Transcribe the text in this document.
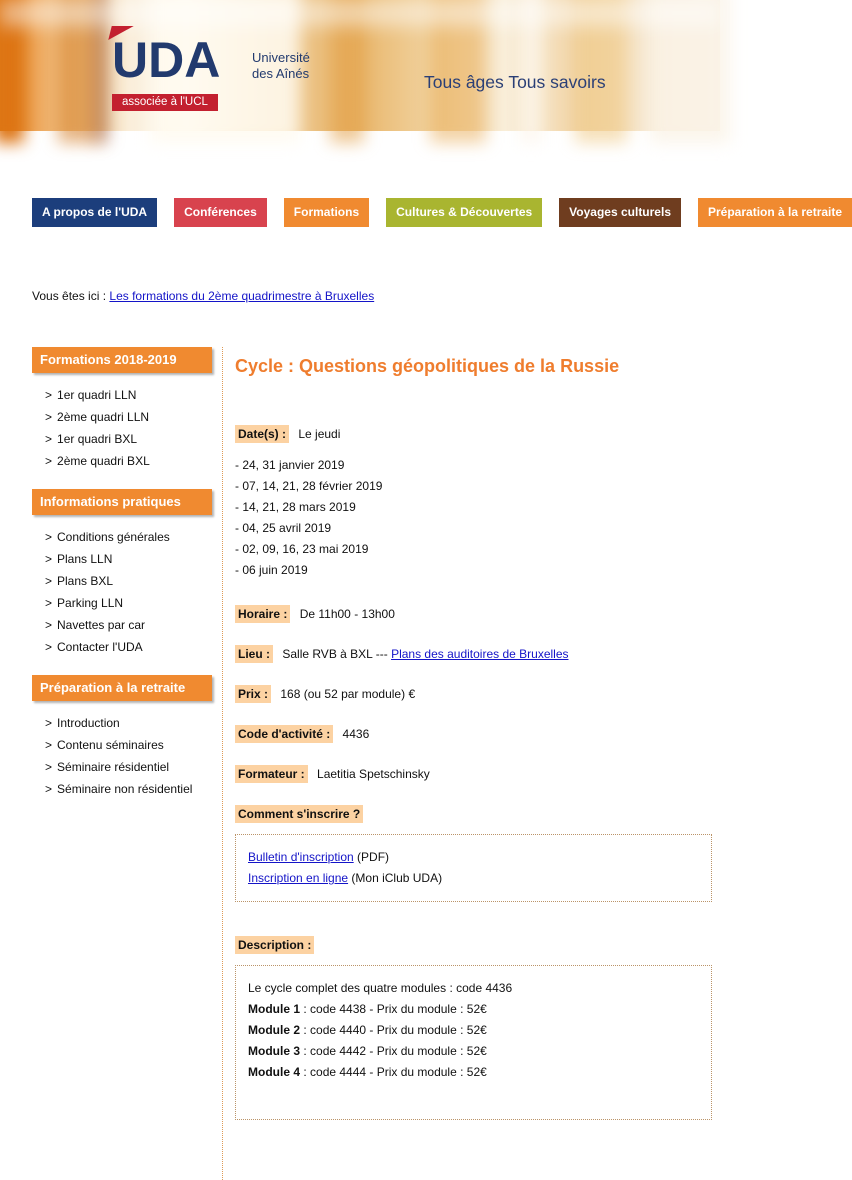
UDA	Université
des Aînés
associée à l'UCL
Tous âges Tous savoirs
A propos de l'UDA	Conférences	Formations	Cultures & Découvertes	Voyages culturels	Préparation à la retraite
Vous êtes ici : Les formations du 2ème quadrimestre à Bruxelles
Formations 2018-2019
> 1er quadri LLN
> 2ème quadri LLN
> 1er quadri BXL
> 2ème quadri BXL
Informations pratiques
> Conditions générales
> Plans LLN
> Plans BXL
> Parking LLN
> Navettes par car
> Contacter l'UDA
Préparation à la retraite
> Introduction
> Contenu séminaires
> Séminaire résidentiel
> Séminaire non résidentiel
Cycle : Questions géopolitiques de la Russie
Date(s) : Le jeudi
- 24, 31 janvier 2019
- 07, 14, 21, 28 février 2019
- 14, 21, 28 mars 2019
- 04, 25 avril 2019
- 02, 09, 16, 23 mai 2019
- 06 juin 2019
Horaire : De 11h00 - 13h00
Lieu : Salle RVB à BXL --- Plans des auditoires de Bruxelles
Prix : 168 (ou 52 par module) €
Code d'activité : 4436
Formateur : Laetitia Spetschinsky
Comment s'inscrire ?
Bulletin d'inscription (PDF)
Inscription en ligne (Mon iClub UDA)
Description :
Le cycle complet des quatre modules : code 4436
Module 1 : code 4438 - Prix du module : 52€
Module 2 : code 4440 - Prix du module : 52€
Module 3 : code 4442 - Prix du module : 52€
Module 4 : code 4444 - Prix du module : 52€
